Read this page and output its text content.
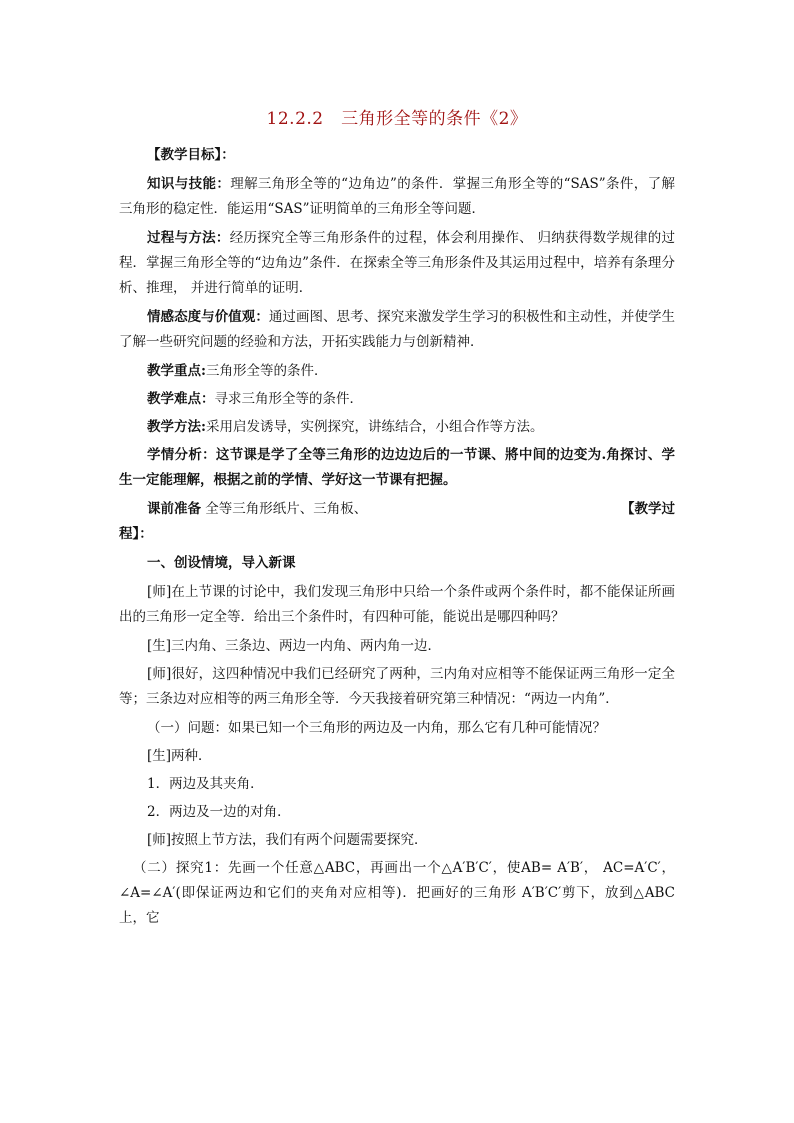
12.2.2　三角形全等的条件《2》

【教学目标】：

知识与技能：理解三角形全等的“边角边”的条件．掌握三角形全等的“SAS”条件，了解三角形的稳定性．能运用“SAS”证明简单的三角形全等问题．

过程与方法：经历探究全等三角形条件的过程，体会利用操作、 归纳获得数学规律的过程．掌握三角形全等的“边角边”条件．在探索全等三角形条件及其运用过程中，培养有条理分析、推理， 并进行简单的证明．

情感态度与价值观：通过画图、思考、探究来激发学生学习的积极性和主动性，并使学生了解一些研究问题的经验和方法，开拓实践能力与创新精神．

教学重点:三角形全等的条件．

教学难点：寻求三角形全等的条件．

教学方法:采用启发诱导，实例探究，讲练结合，小组合作等方法。

学情分析：这节课是学了全等三角形的边边边后的一节课、將中间的边变为.角探讨、学生一定能理解，根据之前的学情、学好这一节课有把握。

课前准备 全等三角形纸片、三角板、	【教学过

程】：

一、创设情境，导入新课

[师]在上节课的讨论中，我们发现三角形中只给一个条件或两个条件时，都不能保证所画出的三角形一定全等．给出三个条件时，有四种可能，能说出是哪四种吗？

[生]三内角、三条边、两边一内角、两内角一边．

[师]很好，这四种情况中我们已经研究了两种，三内角对应相等不能保证两三角形一定全等；三条边对应相等的两三角形全等．今天我接着研究第三种情况：“两边一内角”．

（一）问题：如果已知一个三角形的两边及一内角，那么它有几种可能情况？

[生]两种．

1．两边及其夹角．

2．两边及一边的对角．

[师]按照上节方法，我们有两个问题需要探究．

（二）探究1：先画一个任意△ABC，再画出一个△A′B′C′，使AB= A′B′， AC=A′C′，∠A=∠A′(即保证两边和它们的夹角对应相等)．把画好的三角形 A′B′C′剪下，放到△ABC上，它
